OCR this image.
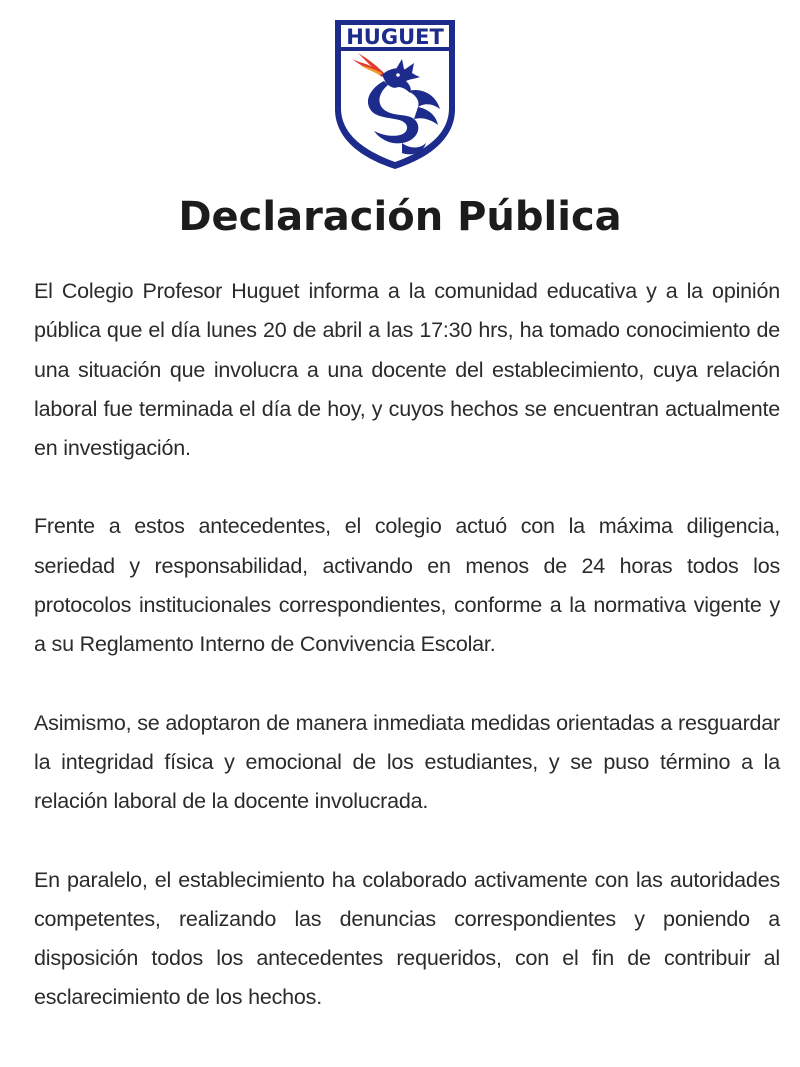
HUGUET
Declaración Pública

El Colegio Profesor Huguet informa a la comunidad educativa y a la opinión pública que el día lunes 20 de abril a las 17:30 hrs, ha tomado conocimiento de una situación que involucra a una docente del establecimiento, cuya relación laboral fue terminada el día de hoy, y cuyos hechos se encuentran actualmente en investigación.

Frente a estos antecedentes, el colegio actuó con la máxima diligencia, seriedad y responsabilidad, activando en menos de 24 horas todos los protocolos institucionales correspondientes, conforme a la normativa vigente y a su Reglamento Interno de Convivencia Escolar.

Asimismo, se adoptaron de manera inmediata medidas orientadas a resguardar la integridad física y emocional de los estudiantes, y se puso término a la relación laboral de la docente involucrada.

En paralelo, el establecimiento ha colaborado activamente con las autoridades competentes, realizando las denuncias correspondientes y poniendo a disposición todos los antecedentes requeridos, con el fin de contribuir al esclarecimiento de los hechos.
